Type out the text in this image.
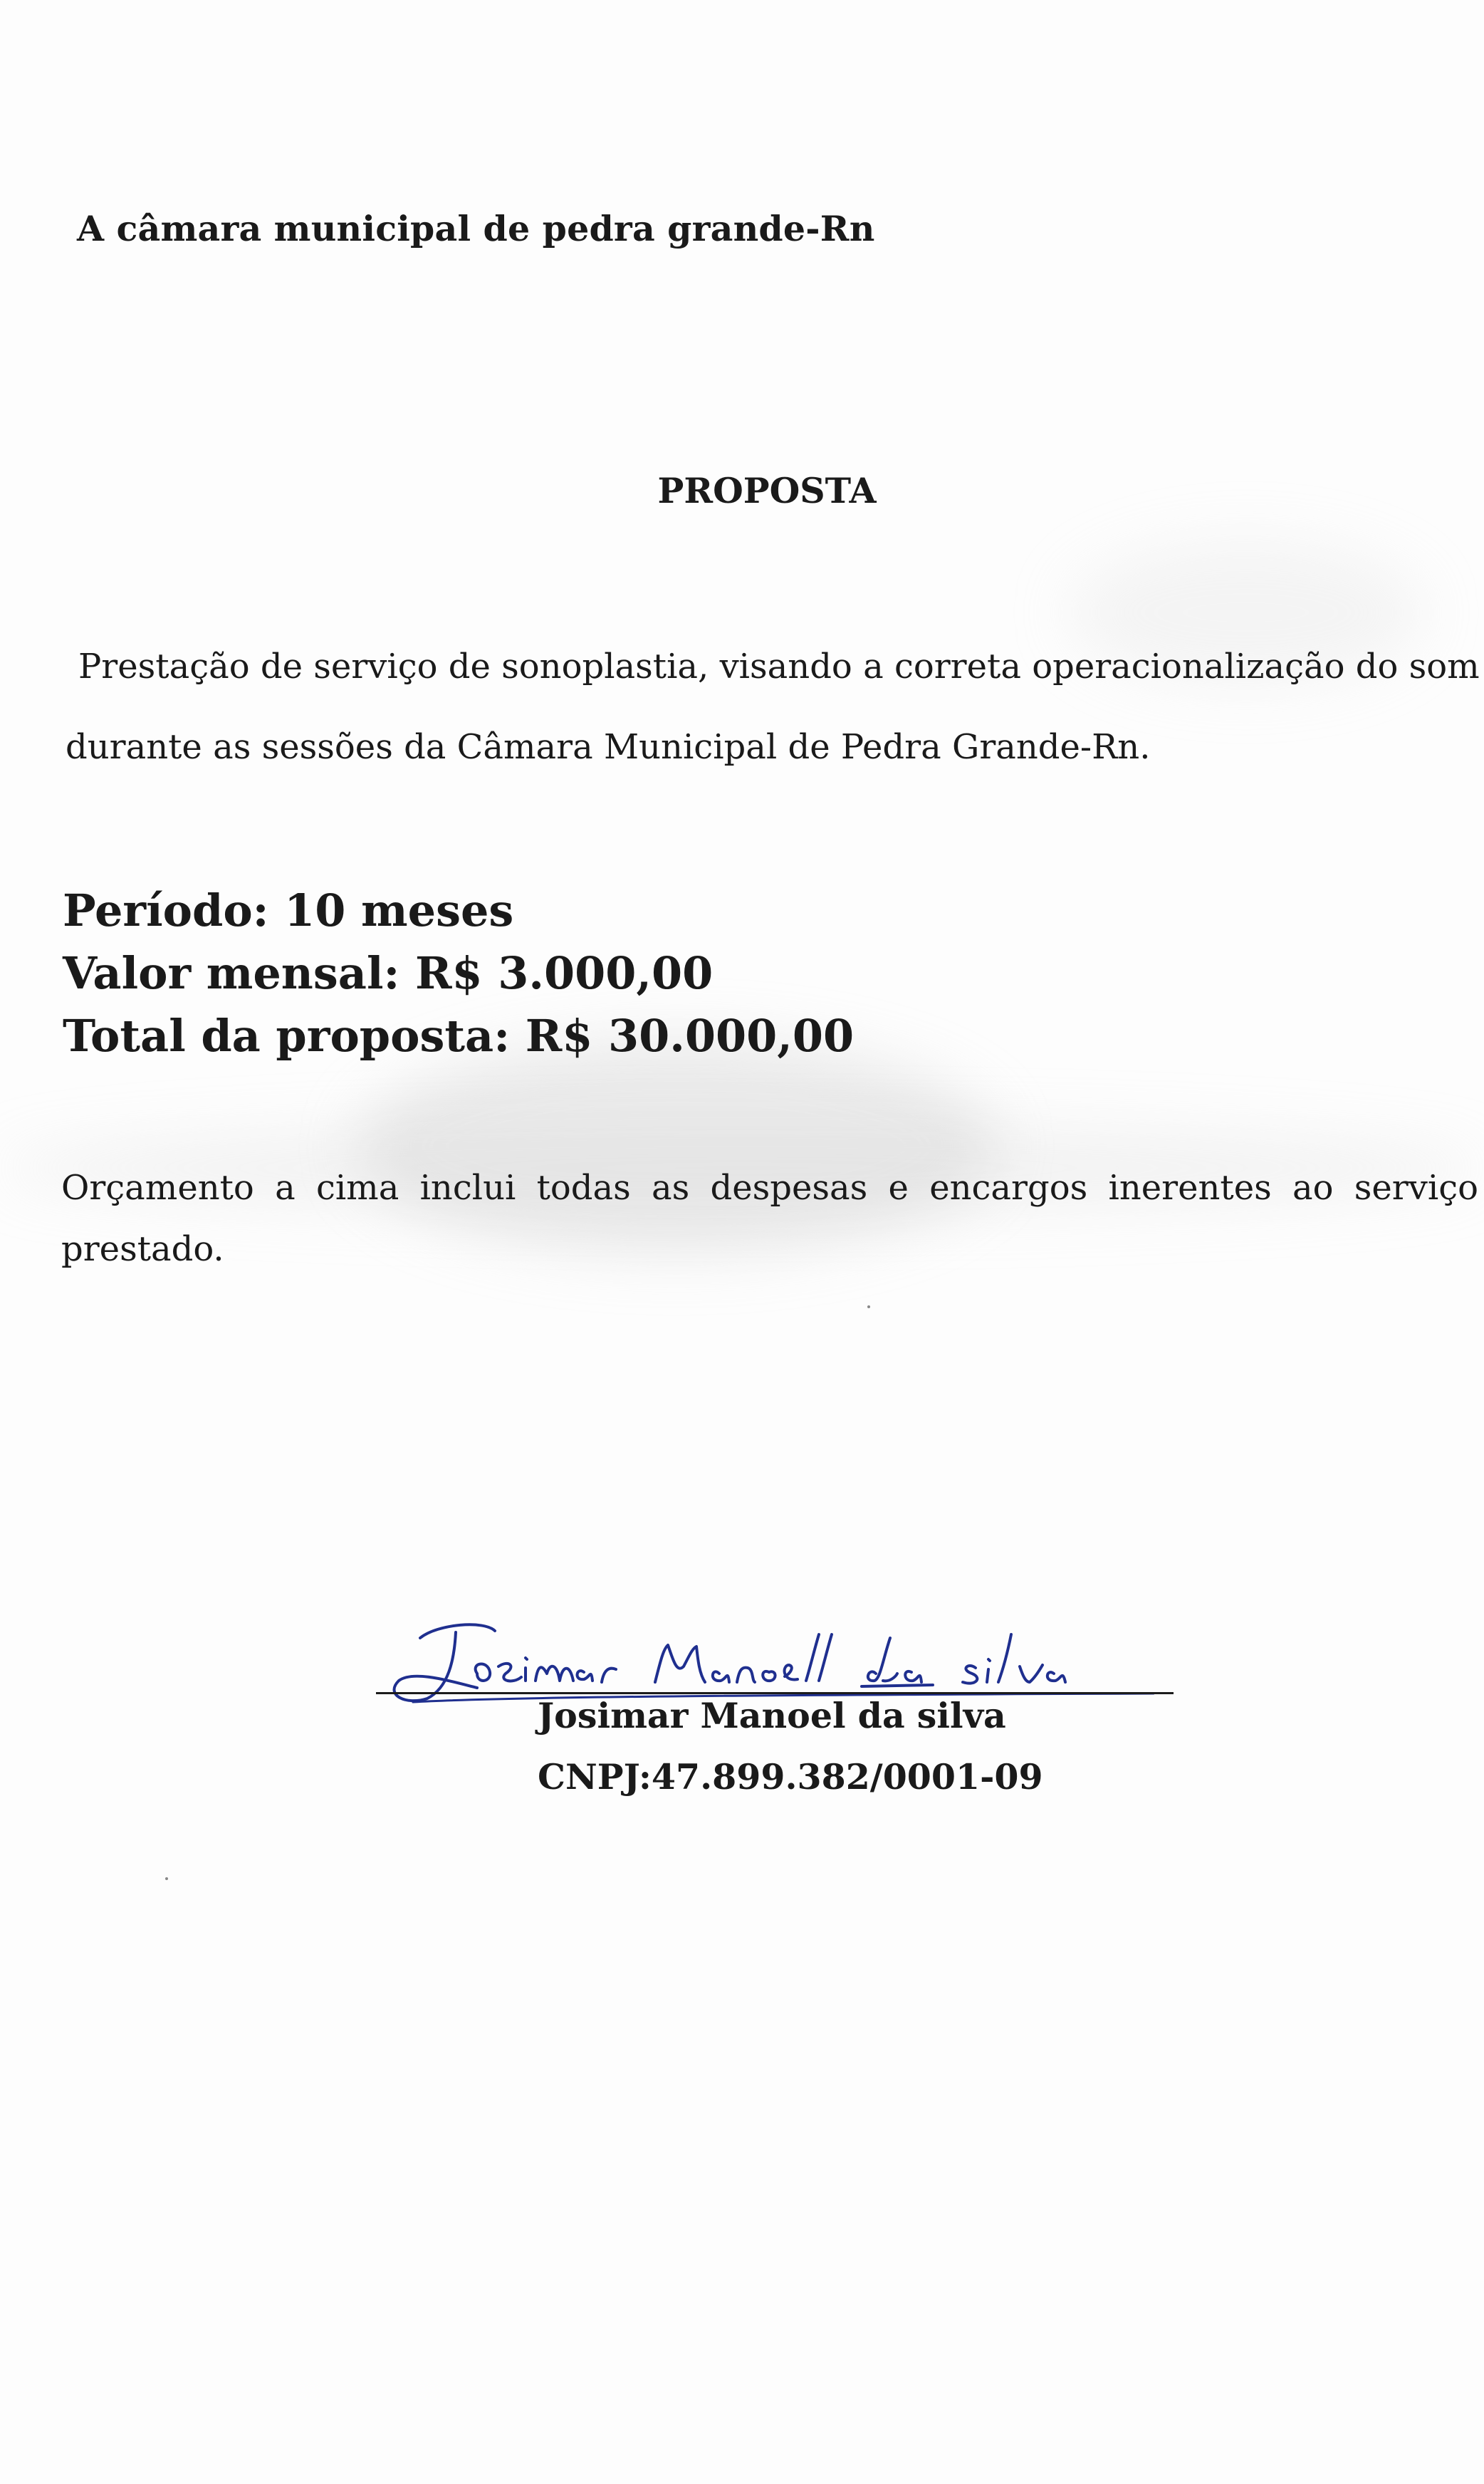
A câmara municipal de pedra grande-Rn
PROPOSTA
Prestação de serviço de sonoplastia, visando a correta operacionalização do som
durante as sessões da Câmara Municipal de Pedra Grande-Rn.
Período: 10 meses
Valor mensal: R$ 3.000,00
Total da proposta: R$ 30.000,00
Orçamento a cima inclui todas as despesas e encargos inerentes ao serviço
prestado.
Josimar Manoel da silva
CNPJ:47.899.382/0001-09
